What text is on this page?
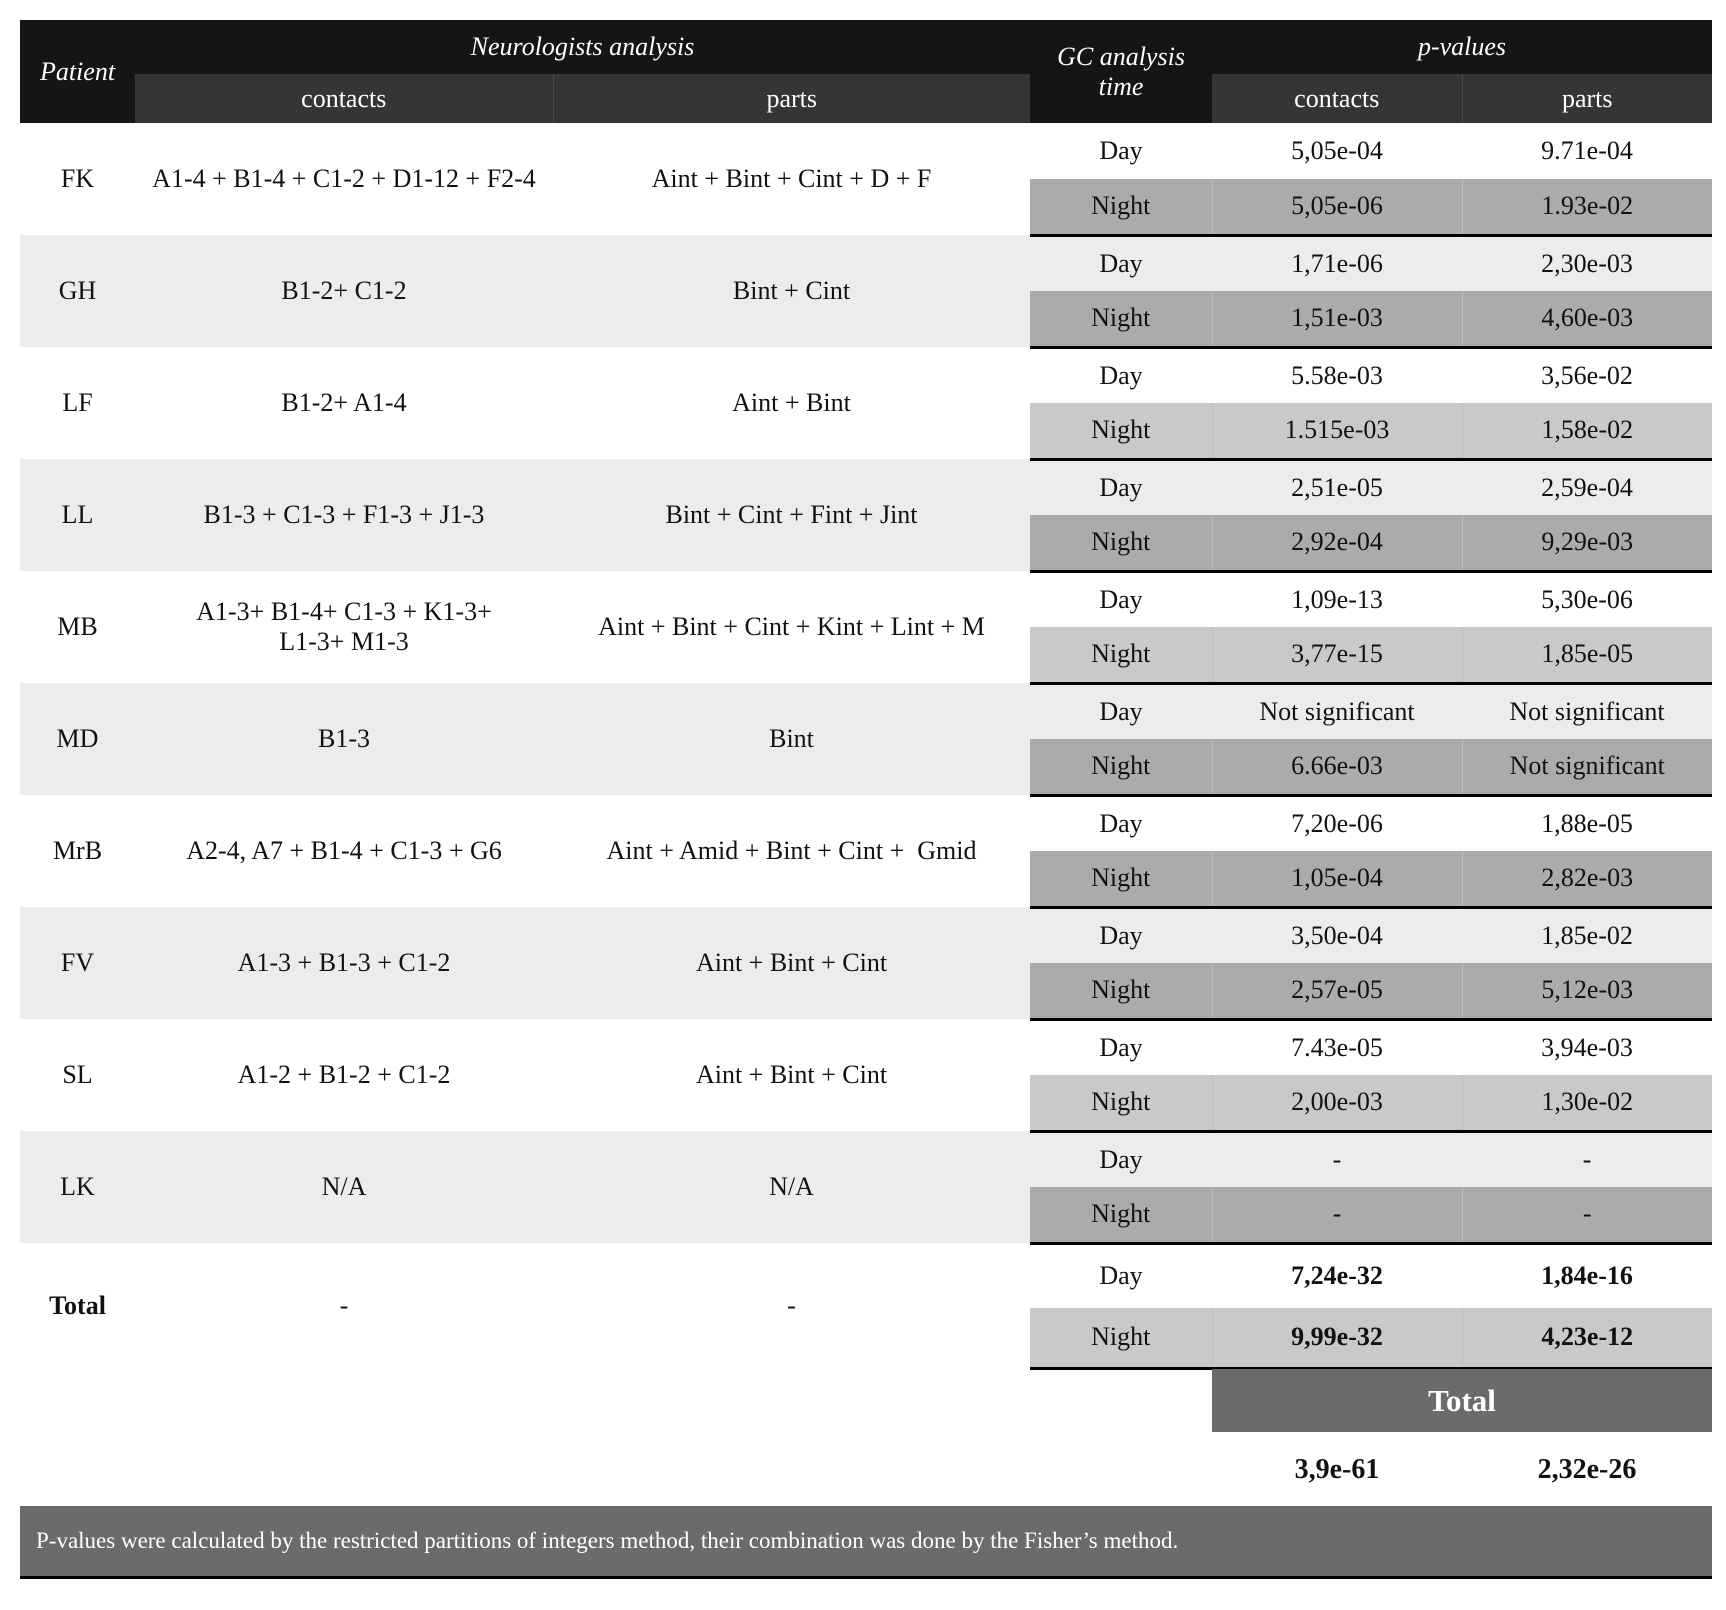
Patient	Neurologists analysis		GC analysis
time	p-values	
	contacts	parts		contacts	parts
FK	A1-4 + B1-4 + C1-2 + D1-12 + F2-4	Aint + Bint + Cint + D + F	Day	5,05e-04	9.71e-04
			Night	5,05e-06	1.93e-02
GH	B1-2+ C1-2	Bint + Cint	Day	1,71e-06	2,30e-03
			Night	1,51e-03	4,60e-03
LF	B1-2+ A1-4	Aint + Bint	Day	5.58e-03	3,56e-02
			Night	1.515e-03	1,58e-02
LL	B1-3 + C1-3 + F1-3 + J1-3	Bint + Cint + Fint + Jint	Day	2,51e-05	2,59e-04
			Night	2,92e-04	9,29e-03
MB	A1-3+ B1-4+ C1-3 + K1-3+ L1-3+ M1-3	Aint + Bint + Cint + Kint + Lint + M	Day	1,09e-13	5,30e-06
			Night	3,77e-15	1,85e-05
MD	B1-3	Bint	Day	Not significant	Not significant
			Night	6.66e-03	Not significant
MrB	A2-4, A7 + B1-4 + C1-3 + G6	Aint + Amid + Bint + Cint +  Gmid	Day	7,20e-06	1,88e-05
			Night	1,05e-04	2,82e-03
FV	A1-3 + B1-3 + C1-2	Aint + Bint + Cint	Day	3,50e-04	1,85e-02
			Night	2,57e-05	5,12e-03
SL	A1-2 + B1-2 + C1-2	Aint + Bint + Cint	Day	7.43e-05	3,94e-03
			Night	2,00e-03	1,30e-02
LK	N/A	N/A	Day	-	-
			Night	-	-
Total	-	-	Day	7,24e-32	1,84e-16
			Night	9,99e-32	4,23e-12
Total
3,9e-61	2,32e-26
P-values were calculated by the restricted partitions of integers method, their combination was done by the Fisher’s method.
